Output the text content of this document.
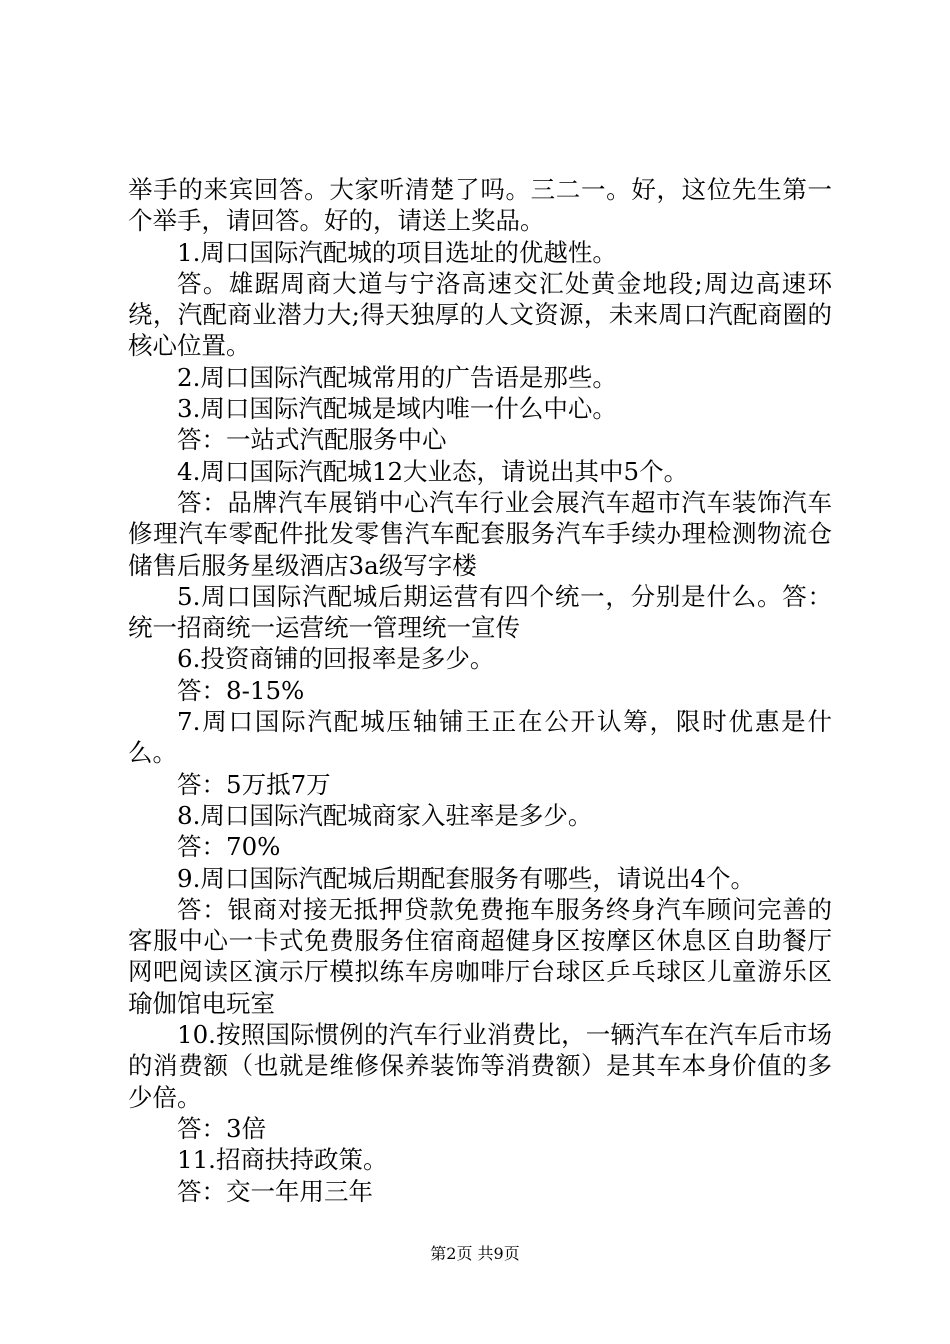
举手的来宾回答。大家听清楚了吗。三二一。好，这位先生第一个举手，请回答。好的，请送上奖品。

1.周口国际汽配城的项目选址的优越性。

答。雄踞周商大道与宁洛高速交汇处黄金地段;周边高速环绕，汽配商业潜力大;得天独厚的人文资源，未来周口汽配商圈的核心位置。

2.周口国际汽配城常用的广告语是那些。

3.周口国际汽配城是域内唯一什么中心。

答：一站式汽配服务中心

4.周口国际汽配城12大业态，请说出其中5个。

答：品牌汽车展销中心汽车行业会展汽车超市汽车装饰汽车修理汽车零配件批发零售汽车配套服务汽车手续办理检测物流仓储售后服务星级酒店3a级写字楼

5.周口国际汽配城后期运营有四个统一，分别是什么。答：统一招商统一运营统一管理统一宣传

6.投资商铺的回报率是多少。

答：8-15%

7.周口国际汽配城压轴铺王正在公开认筹，限时优惠是什么。

答：5万抵7万

8.周口国际汽配城商家入驻率是多少。

答：70%

9.周口国际汽配城后期配套服务有哪些，请说出4个。

答：银商对接无抵押贷款免费拖车服务终身汽车顾问完善的客服中心一卡式免费服务住宿商超健身区按摩区休息区自助餐厅网吧阅读区演示厅模拟练车房咖啡厅台球区乒乓球区儿童游乐区瑜伽馆电玩室

10.按照国际惯例的汽车行业消费比，一辆汽车在汽车后市场的消费额（也就是维修保养装饰等消费额）是其车本身价值的多少倍。

答：3倍

11.招商扶持政策。

答：交一年用三年

第2页 共9页
